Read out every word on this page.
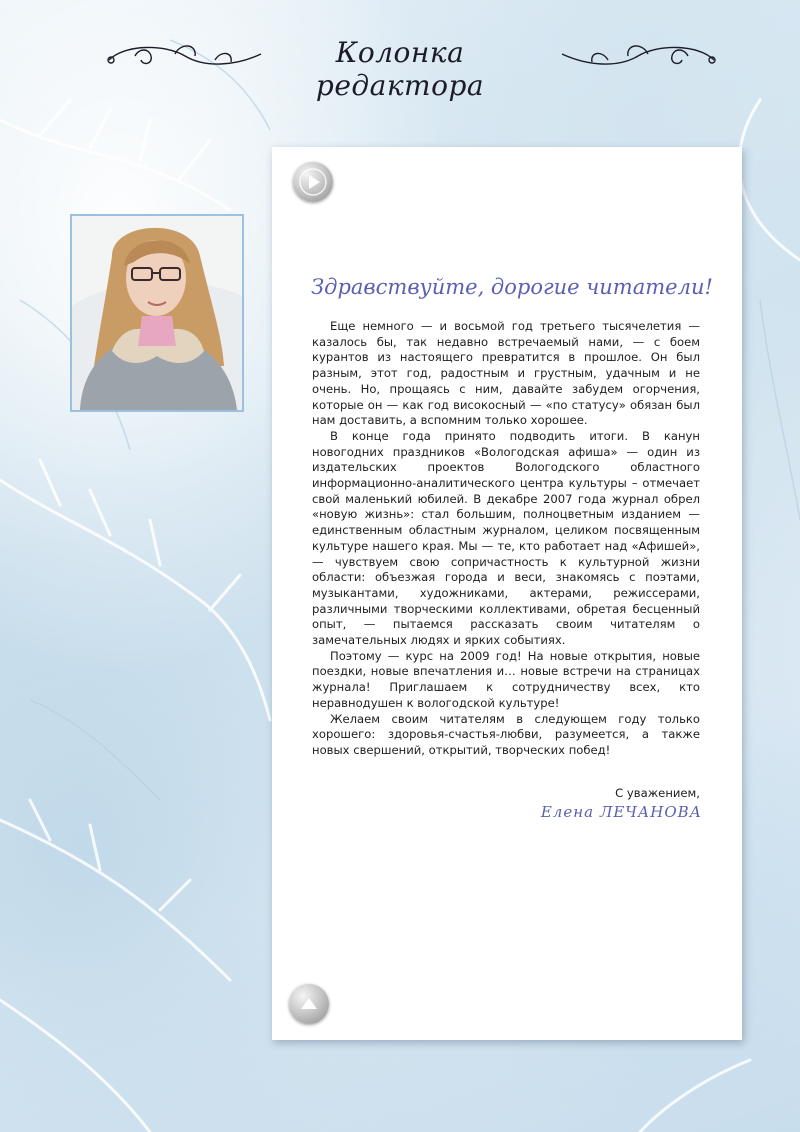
Колонка редактора
Здравствуйте, дорогие читатели!

Еще немного — и восьмой год третьего тысячелетия — казалось бы, так недавно встречаемый нами, — с боем курантов из настоящего превратится в прошлое. Он был разным, этот год, радостным и грустным, удачным и не очень. Но, прощаясь с ним, давайте забудем огорчения, которые он — как год високосный — «по статусу» обязан был нам доставить, а вспомним только хорошее.

В конце года принято подводить итоги. В канун новогодних праздников «Вологодская афиша» — один из издательских проектов Вологодского областного информационно-аналитического центра культуры – отмечает свой маленький юбилей. В декабре 2007 года журнал обрел «новую жизнь»: стал большим, полноцветным изданием — единственным областным журналом, целиком посвященным культуре нашего края. Мы — те, кто работает над «Афишей», — чувствуем свою сопричастность к культурной жизни области: объезжая города и веси, знакомясь с поэтами, музыкантами, художниками, актерами, режиссерами, различными творческими коллективами, обретая бесценный опыт, — пытаемся рассказать своим читателям о замечательных людях и ярких событиях.

Поэтому — курс на 2009 год! На новые открытия, новые поездки, новые впечатления и… новые встречи на страницах журнала! Приглашаем к сотрудничеству всех, кто неравнодушен к вологодской культуре!

Желаем своим читателям в следующем году только хорошего: здоровья-счастья-любви, разумеется, а также новых свершений, открытий, творческих побед!

С уважением,
Елена ЛЕЧАНОВА
